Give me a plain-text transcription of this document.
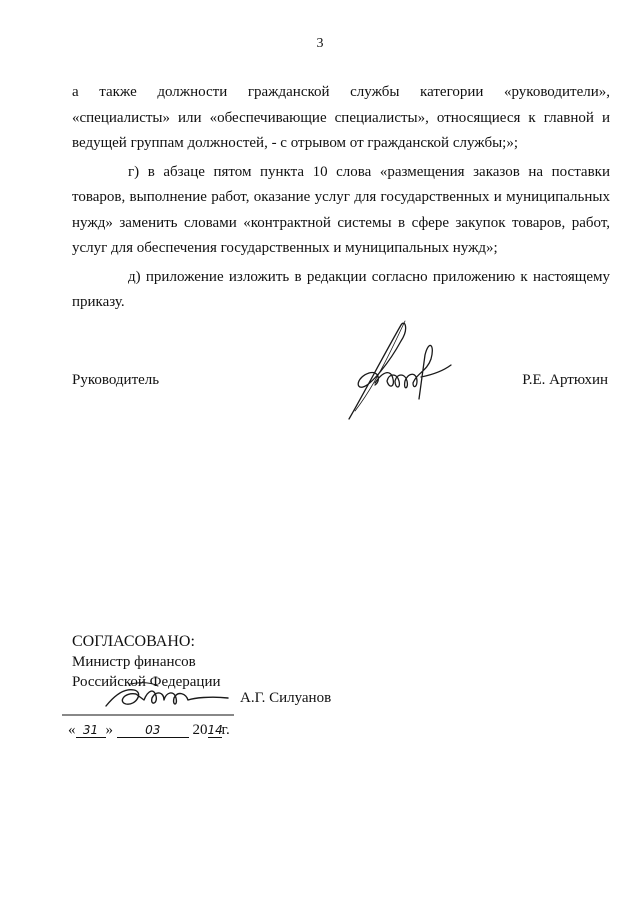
3

а также должности гражданской службы категории «руководители», «специалисты» или «обеспечивающие специалисты», относящиеся к главной и ведущей группам должностей, - с отрывом от гражданской службы;»;

г) в абзаце пятом пункта 10 слова «размещения заказов на поставки товаров, выполнение работ, оказание услуг для государственных и муниципальных нужд» заменить словами «контрактной системы в сфере закупок товаров, работ, услуг для обеспечения государственных и муниципальных нужд»;

д) приложение изложить в редакции согласно приложению к настоящему приказу.

Руководитель	Р.Е. Артюхин
СОГЛАСОВАНО:
Министр финансов
Российской Федерации
А.Г. Силуанов
« 31 »	03 2014г.
